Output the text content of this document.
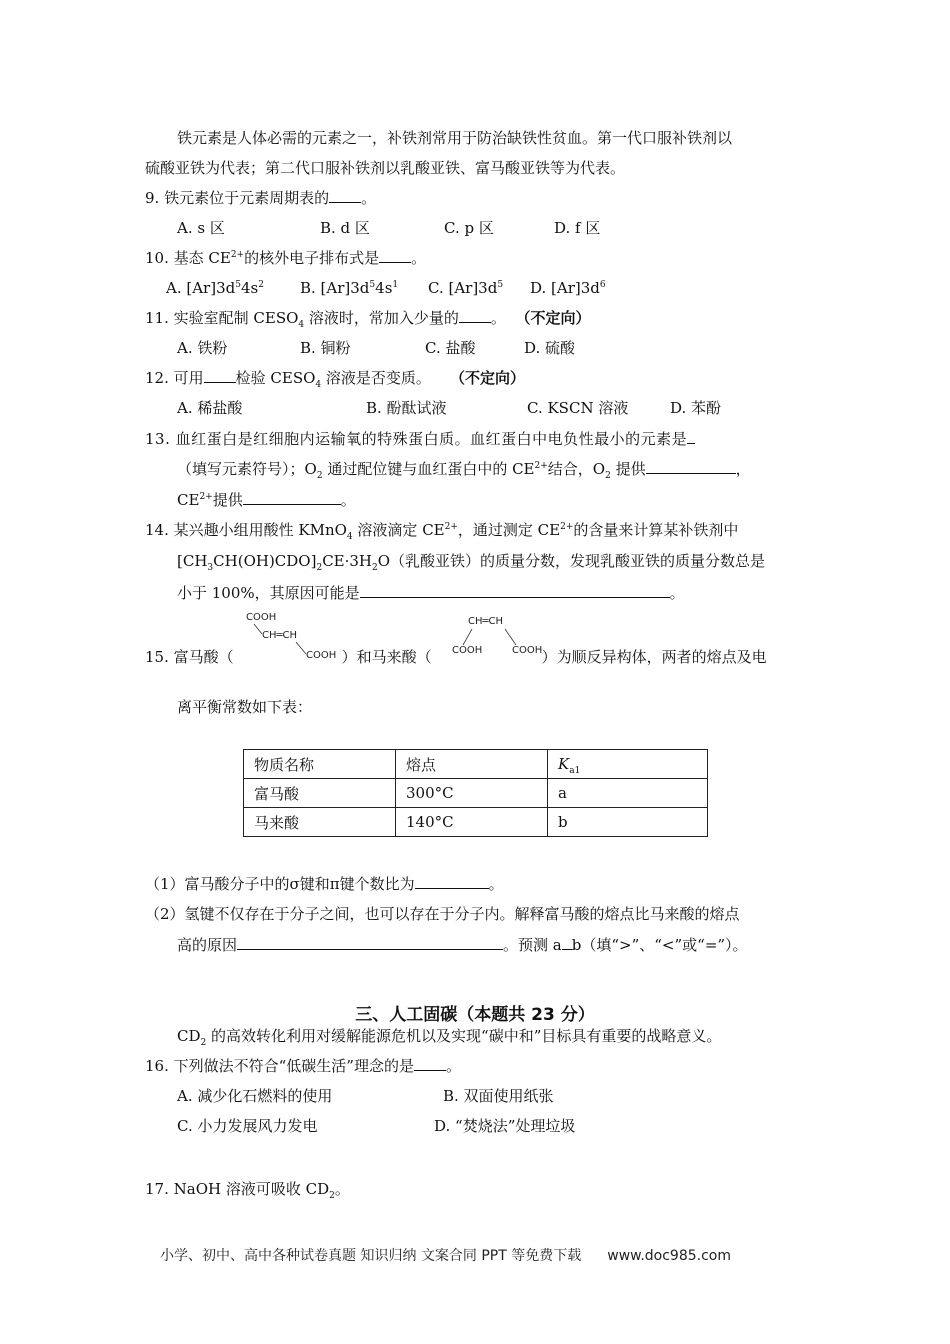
铁元素是人体必需的元素之一，补铁剂常用于防治缺铁性贫血。第一代口服补铁剂以
硫酸亚铁为代表；第二代口服补铁剂以乳酸亚铁、富马酸亚铁等为代表。
9. 铁元素位于元素周期表的 。
A. s 区	B. d 区	C. p 区	D. f 区
10. 基态 $CE^{2+}$的核外电子排布式是 。
A. $[Ar]3d^54s^2$ B. $[Ar]3d^54s^1$ C. $[Ar]3d^5$ D. $[Ar]3d^6$
11. 实验室配制 $CESO_4$ 溶液时，常加入少量的 。 （不定向）
A. 铁粉	B. 铜粉	C. 盐酸	D. 硫酸
12. 可用 检验 $CESO_4$ 溶液是否变质。 （不定向）
A. 稀盐酸	B. 酚酞试液	C. KSCN 溶液	D. 苯酚
13. 血红蛋白是红细胞内运输氧的特殊蛋白质。血红蛋白中电负性最小的元素是
（填写元素符号）；$O_2$ 通过配位键与血红蛋白中的 $CE^{2+}$结合，$O_2$ 提供	，
$CE^{2+}$提供	。
14. 某兴趣小组用酸性 KMnO$_4$ 溶液滴定 $CE^{2+}$，通过测定 $CE^{2+}$的含量来计算某补铁剂中
$[CH_3CH(OH)CDO]_2CE\cdot 3H_2O$（乳酸亚铁）的质量分数，发现乳酸亚铁的质量分数总是
小于 100%，其原因可能是	。
COOH
CH═CH
COOH
CH═CH
COOH	COOH
15. 富马酸（	）和马来酸（	）为顺反异构体，两者的熔点及电
离平衡常数如下表：
物质名称	熔点	$K_{a1}$
富马酸	300°C	a
马来酸	140°C	b
（1）富马酸分子中的σ键和π键个数比为	。
（2）氢键不仅存在于分子之间，也可以存在于分子内。解释富马酸的熔点比马来酸的熔点
高的原因	。预测 a b（填“>”、“<”或“=”）。
三、人工固碳（本题共 23 分）
$CD_2$ 的高效转化利用对缓解能源危机以及实现“碳中和”目标具有重要的战略意义。
16. 下列做法不符合“低碳生活”理念的是 。
A. 减少化石燃料的使用	B. 双面使用纸张
C. 小力发展风力发电	D. “焚烧法”处理垃圾
17. NaOH 溶液可吸收 $CD_2$。
小学、初中、高中各种试卷真题 知识归纳 文案合同 PPT 等免费下载 www.doc985.com
